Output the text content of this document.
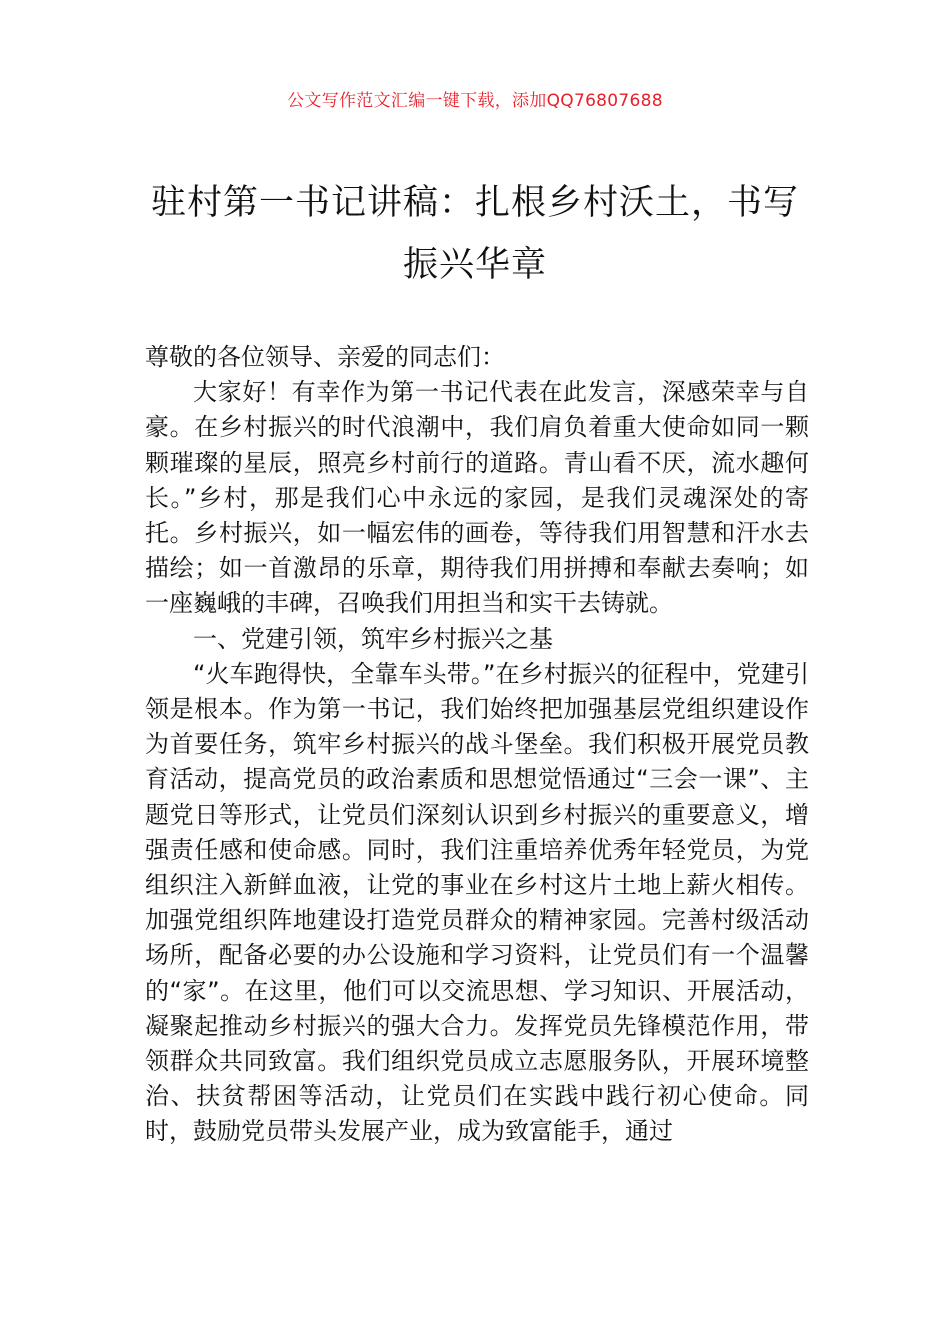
公文写作范文汇编一键下载，添加QQ76807688
驻村第一书记讲稿：扎根乡村沃土，书写
振兴华章

尊敬的各位领导、亲爱的同志们：

大家好！有幸作为第一书记代表在此发言，深感荣幸与自豪。在乡村振兴的时代浪潮中，我们肩负着重大使命如同一颗颗璀璨的星辰，照亮乡村前行的道路。青山看不厌，流水趣何长。”乡村，那是我们心中永远的家园，是我们灵魂深处的寄托。乡村振兴，如一幅宏伟的画卷，等待我们用智慧和汗水去描绘；如一首激昂的乐章，期待我们用拼搏和奉献去奏响；如一座巍峨的丰碑，召唤我们用担当和实干去铸就。

一、党建引领，筑牢乡村振兴之基

“火车跑得快，全靠车头带。”在乡村振兴的征程中，党建引领是根本。作为第一书记，我们始终把加强基层党组织建设作为首要任务，筑牢乡村振兴的战斗堡垒。我们积极开展党员教育活动，提高党员的政治素质和思想觉悟通过“三会一课”、主题党日等形式，让党员们深刻认识到乡村振兴的重要意义，增强责任感和使命感。同时，我们注重培养优秀年轻党员，为党组织注入新鲜血液，让党的事业在乡村这片土地上薪火相传。加强党组织阵地建设打造党员群众的精神家园。完善村级活动场所，配备必要的办公设施和学习资料，让党员们有一个温馨的“家”。在这里，他们可以交流思想、学习知识、开展活动，凝聚起推动乡村振兴的强大合力。发挥党员先锋模范作用，带领群众共同致富。我们组织党员成立志愿服务队，开展环境整治、扶贫帮困等活动，让党员们在实践中践行初心使命。同时，鼓励党员带头发展产业，成为致富能手，通过
